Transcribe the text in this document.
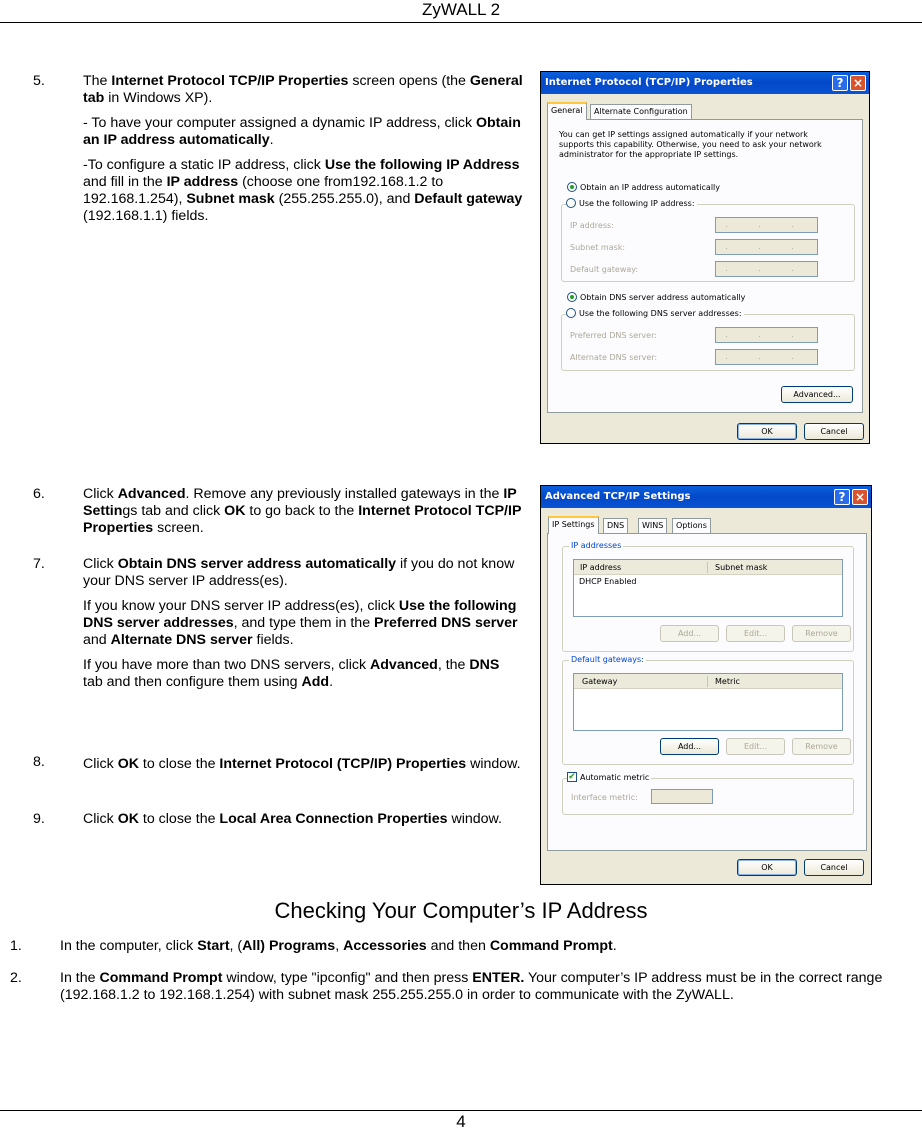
ZyWALL 2
5.	The Internet Protocol TCP/IP Properties screen opens (the General tab in Windows XP).

- To have your computer assigned a dynamic IP address, click Obtain an IP address automatically.

-To configure a static IP address, click Use the following IP Address and fill in the IP address (choose one from192.168.1.2 to 192.168.1.254), Subnet mask (255.255.255.0), and Default gateway (192.168.1.1) fields.

Internet Protocol (TCP/IP) Properties	? ×
General	Alternate Configuration
You can get IP settings assigned automatically if your network supports this capability. Otherwise, you need to ask your network administrator for the appropriate IP settings.
Obtain an IP address automatically
Use the following IP address:
IP address:	. . .
Subnet mask:	. . .
Default gateway:	. . .
Obtain DNS server address automatically
Use the following DNS server addresses:
Preferred DNS server:	. . .
Alternate DNS server:	. . .
Advanced...
OK	Cancel
6.	Click Advanced. Remove any previously installed gateways in the IP Settings tab and click OK to go back to the Internet Protocol TCP/IP Properties screen.

7.	Click Obtain DNS server address automatically if you do not know your DNS server IP address(es).

If you know your DNS server IP address(es), click Use the following DNS server addresses, and type them in the Preferred DNS server and Alternate DNS server fields.

If you have more than two DNS servers, click Advanced, the DNS tab and then configure them using Add.

8.	Click OK to close the Internet Protocol (TCP/IP) Properties window.

9.	Click OK to close the Local Area Connection Properties window.

Advanced TCP/IP Settings	? ×
IP Settings	DNS	WINS	Options
IP addresses
IP address	Subnet mask
DHCP Enabled
Add...	Edit...	Remove
Default gateways:
Gateway	Metric
Add...	Edit...	Remove
✔ Automatic metric
Interface metric:
OK	Cancel
Checking Your Computer’s IP Address
1.	In the computer, click Start, (All) Programs, Accessories and then Command Prompt.

2.	In the Command Prompt window, type "ipconfig" and then press ENTER. Your computer’s IP address must be in the correct range (192.168.1.2 to 192.168.1.254) with subnet mask 255.255.255.0 in order to communicate with the ZyWALL.

4
